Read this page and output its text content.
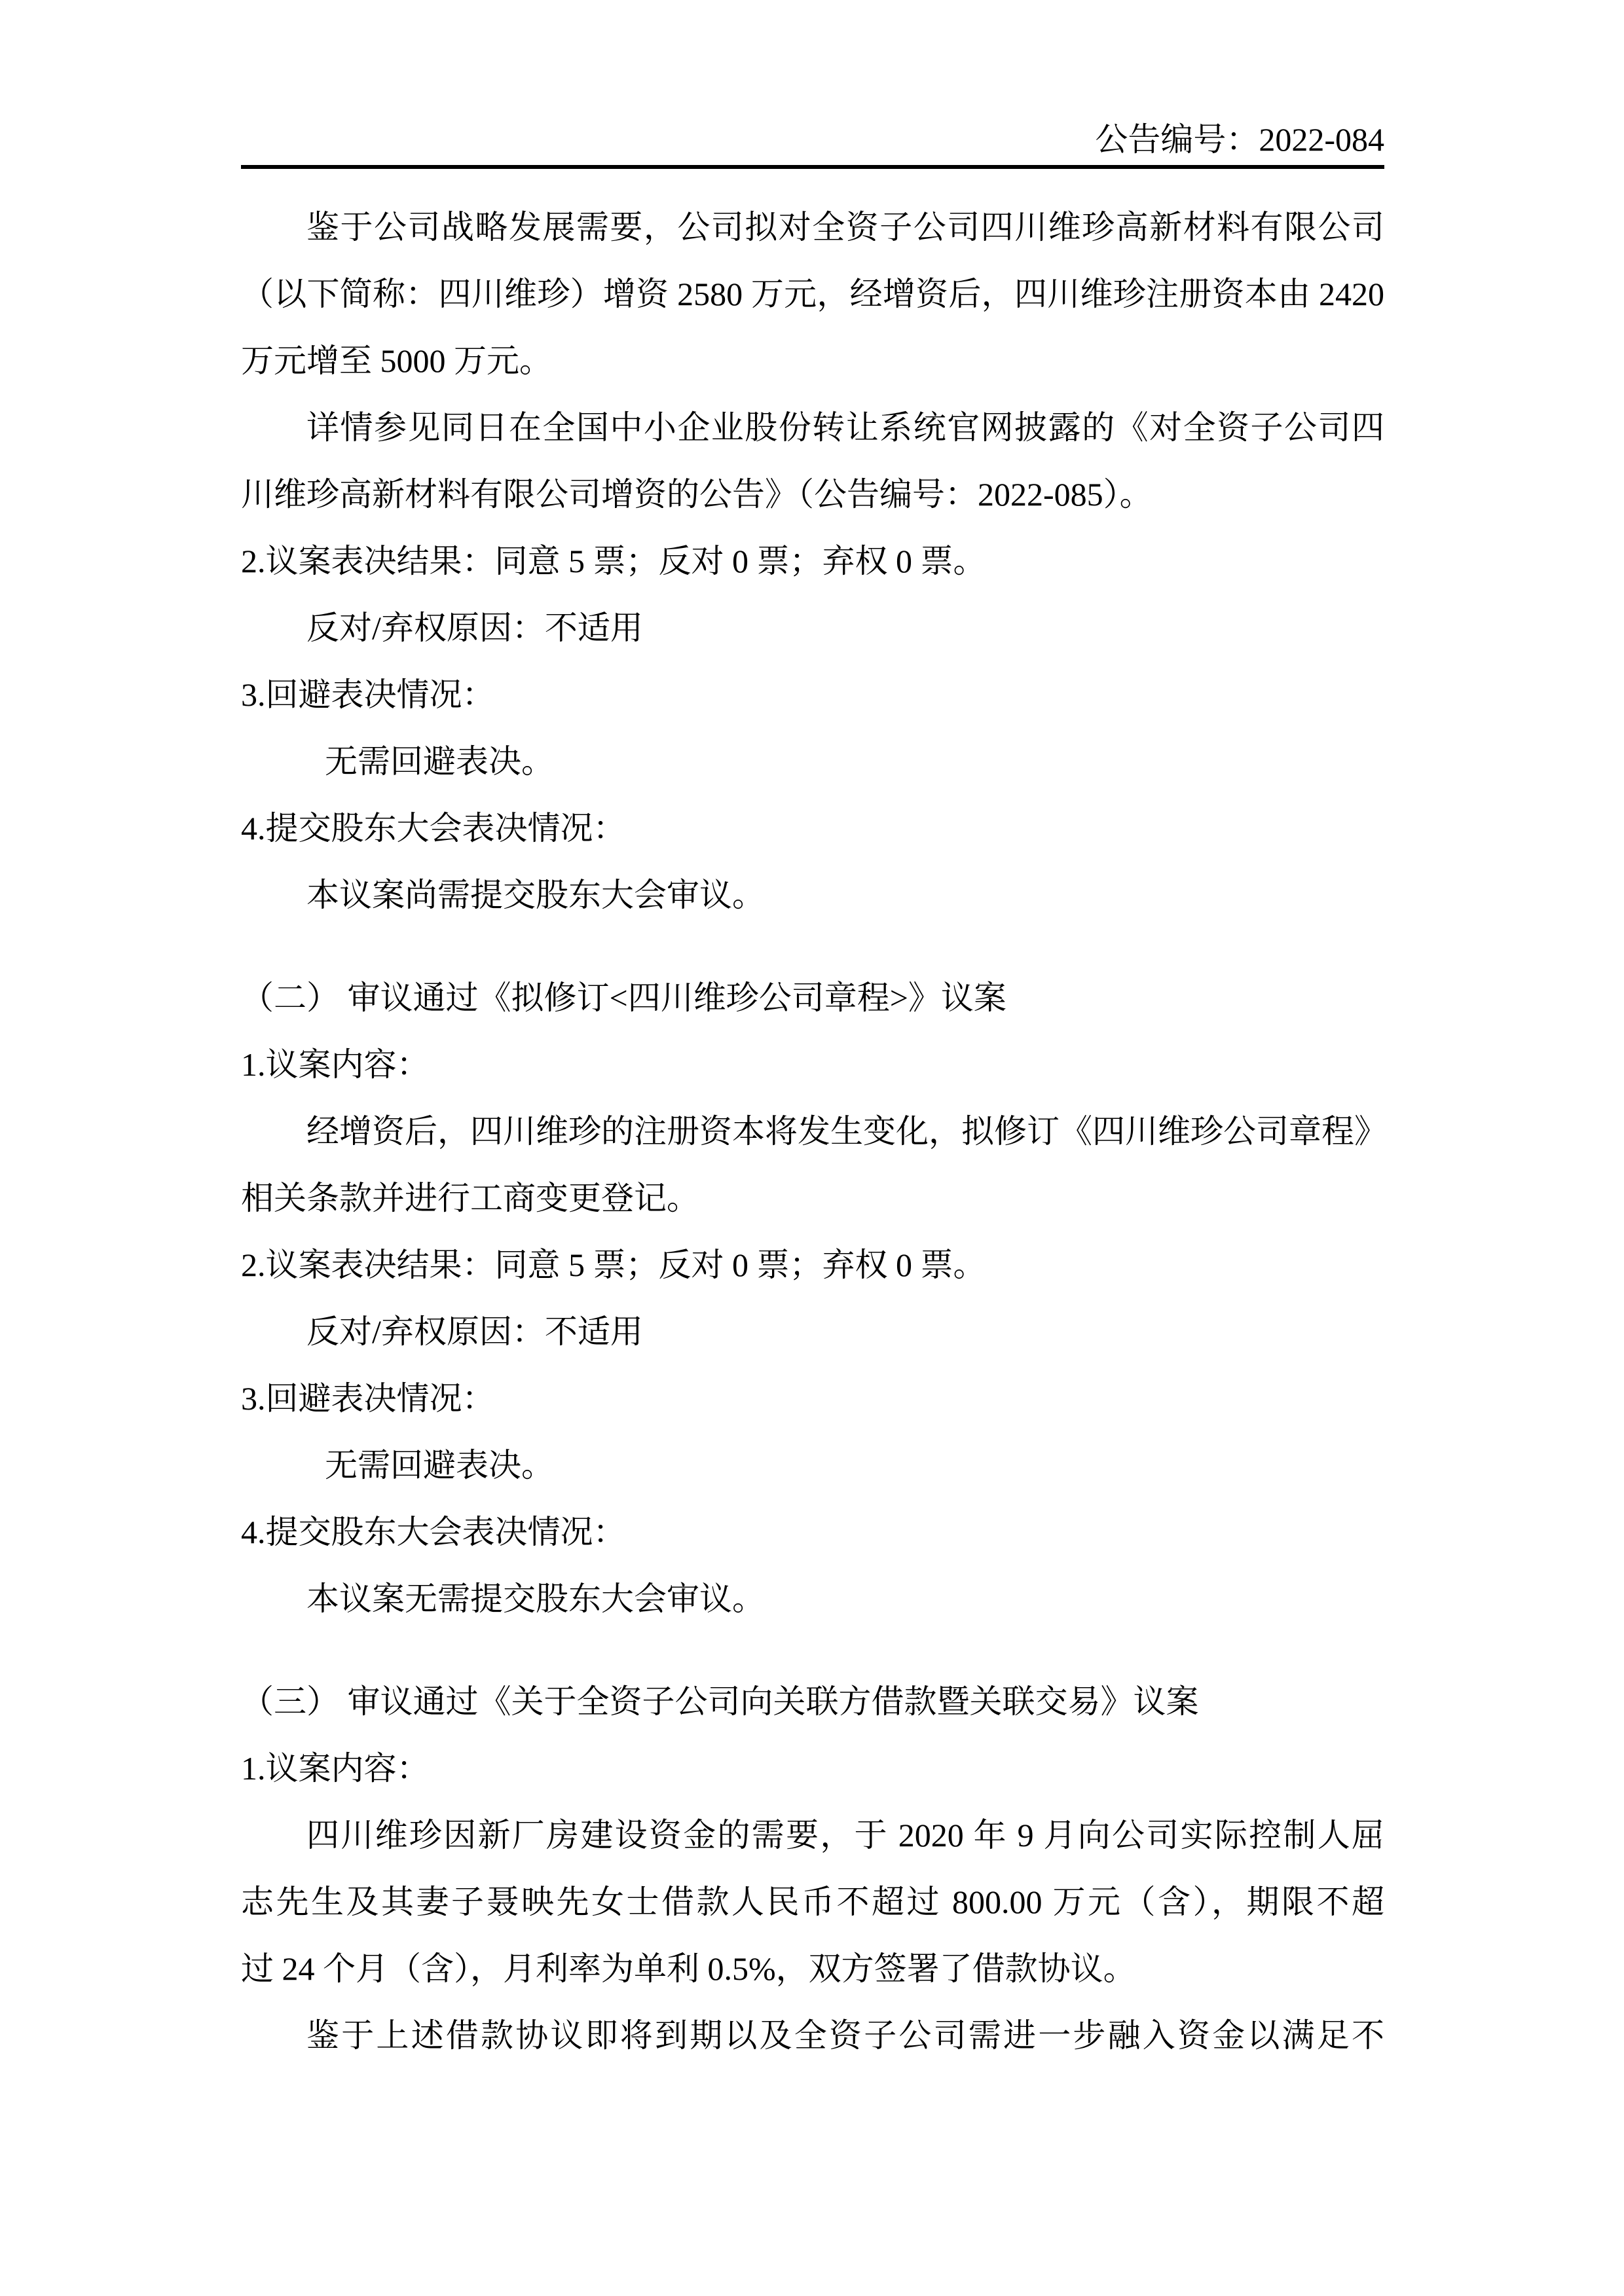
公告编号：2022-084
鉴于公司战略发展需要，公司拟对全资子公司四川维珍高新材料有限公司
（以下简称：四川维珍）增资 2580 万元，经增资后，四川维珍注册资本由 2420
万元增至 5000 万元。
详情参见同日在全国中小企业股份转让系统官网披露的《对全资子公司四
川维珍高新材料有限公司增资的公告》（公告编号：2022-085）。
2.议案表决结果：同意 5 票；反对 0 票；弃权 0 票。
反对/弃权原因：不适用
3.回避表决情况：
无需回避表决。
4.提交股东大会表决情况：
本议案尚需提交股东大会审议。
（二） 审议通过《拟修订<四川维珍公司章程>》议案
1.议案内容：
经增资后，四川维珍的注册资本将发生变化，拟修订《四川维珍公司章程》
相关条款并进行工商变更登记。
2.议案表决结果：同意 5 票；反对 0 票；弃权 0 票。
反对/弃权原因：不适用
3.回避表决情况：
无需回避表决。
4.提交股东大会表决情况：
本议案无需提交股东大会审议。
（三） 审议通过《关于全资子公司向关联方借款暨关联交易》议案
1.议案内容：
四川维珍因新厂房建设资金的需要，于 2020 年 9 月向公司实际控制人屈
志先生及其妻子聂映先女士借款人民币不超过 800.00 万元（含），期限不超
过 24 个月（含），月利率为单利 0.5%，双方签署了借款协议。
鉴于上述借款协议即将到期以及全资子公司需进一步融入资金以满足不
